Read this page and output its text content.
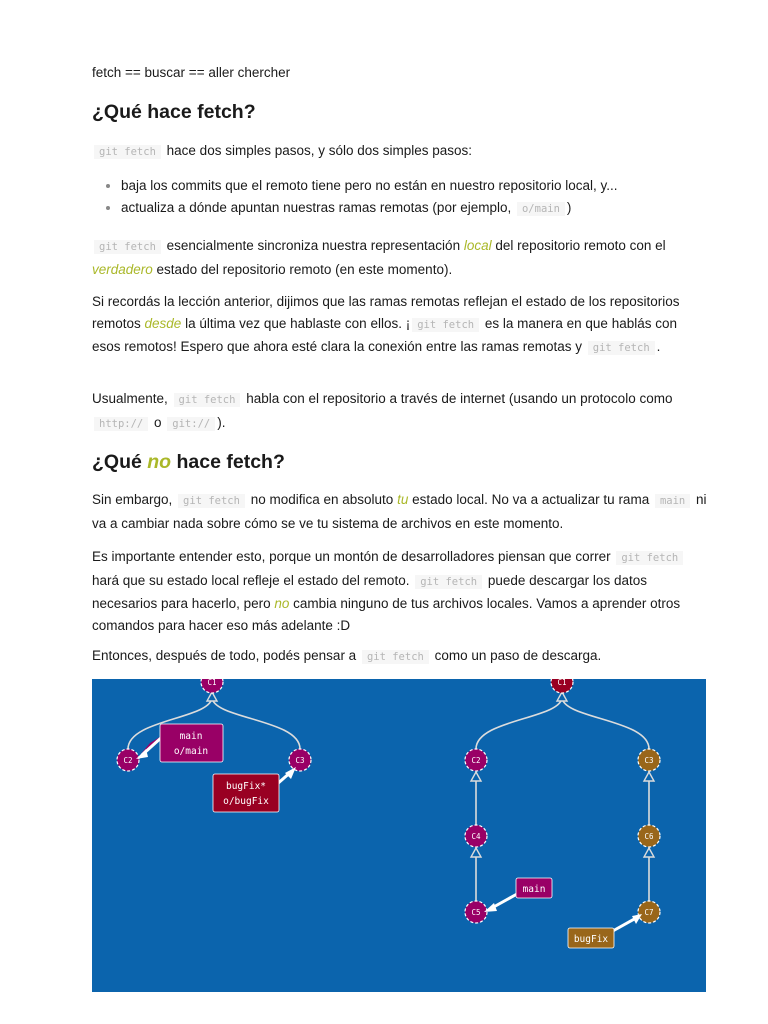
fetch == buscar == aller chercher

¿Qué hace fetch?

git fetch hace dos simples pasos, y sólo dos simples pasos:

• baja los commits que el remoto tiene pero no están en nuestro repositorio local, y...
• actualiza a dónde apuntan nuestras ramas remotas (por ejemplo, o/main )

git fetch esencialmente sincroniza nuestra representación local del repositorio remoto con el verdadero estado del repositorio remoto (en este momento).

Si recordás la lección anterior, dijimos que las ramas remotas reflejan el estado de los repositorios remotos desde la última vez que hablaste con ellos. ¡ git fetch es la manera en que hablás con esos remotos! Espero que ahora esté clara la conexión entre las ramas remotas y git fetch .

Usualmente, git fetch habla con el repositorio a través de internet (usando un protocolo como http:// o git:// ).

¿Qué no hace fetch?

Sin embargo, git fetch no modifica en absoluto tu estado local. No va a actualizar tu rama main ni va a cambiar nada sobre cómo se ve tu sistema de archivos en este momento.

Es importante entender esto, porque un montón de desarrolladores piensan que correr git fetch hará que su estado local refleje el estado del remoto. git fetch puede descargar los datos necesarios para hacerlo, pero no cambia ninguno de tus archivos locales. Vamos a aprender otros comandos para hacer eso más adelante :D

Entonces, después de todo, podés pensar a git fetch como un paso de descarga.

C1
C2	C3
main
o/main
bugFix*
o/bugFix
C1
C2	C3
C4
C5
C6
C7
main
bugFix
